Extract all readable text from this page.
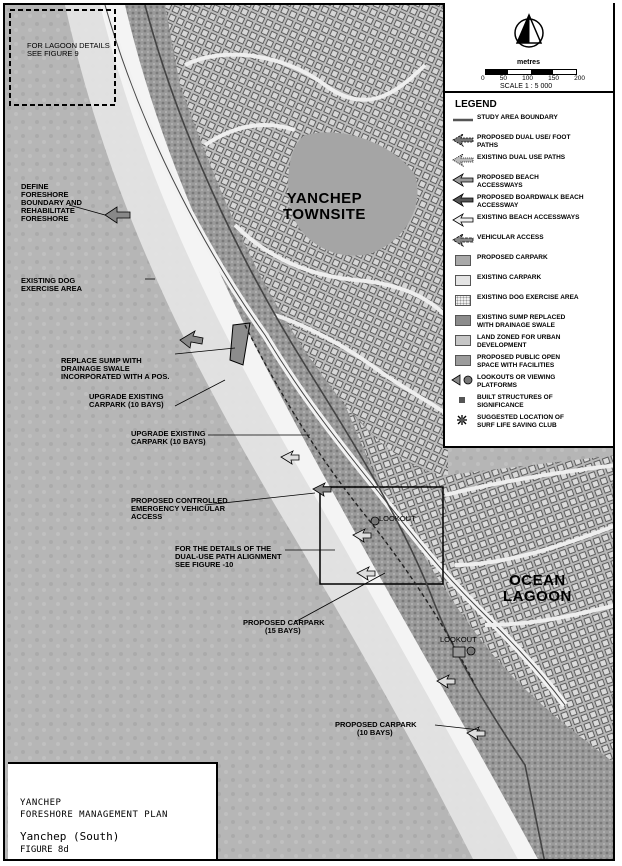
YANCHEP
TOWNSITE
OCEAN
LAGOON
FOR LAGOON DETAILS
SEE FIGURE 9
DEFINE
FORESHORE
BOUNDARY AND
REHABILITATE
FORESHORE
EXISTING DOG
EXERCISE AREA
REPLACE SUMP WITH
DRAINAGE SWALE
INCORPORATED WITH A POS.
UPGRADE EXISTING
CARPARK (10 BAYS)
UPGRADE EXISTING
CARPARK (10 BAYS)
PROPOSED CONTROLLED
EMERGENCY VEHICULAR
ACCESS
FOR THE DETAILS OF THE
DUAL-USE PATH ALIGNMENT
SEE FIGURE -10
PROPOSED CARPARK
(15 BAYS)
PROPOSED CARPARK
(10 BAYS)
LOOKOUT
LOOKOUT
YANCHEP
FORESHORE MANAGEMENT PLAN
Yanchep (South)
FIGURE 8d
metres
0 50 100 150 200
SCALE 1 : 5 000
LEGEND
STUDY AREA BOUNDARY
PROPOSED DUAL USE/ FOOT
PATHS
EXISTING DUAL USE PATHS
PROPOSED BEACH
ACCESSWAYS
PROPOSED BOARDWALK BEACH
ACCESSWAY
EXISTING BEACH ACCESSWAYS
VEHICULAR ACCESS
PROPOSED CARPARK
EXISTING CARPARK
EXISTING DOG EXERCISE AREA
EXISTING SUMP REPLACED
WITH DRAINAGE SWALE
LAND ZONED FOR URBAN
DEVELOPMENT
PROPOSED PUBLIC OPEN
SPACE WITH FACILITIES
LOOKOUTS OR VIEWING
PLATFORMS
BUILT STRUCTURES OF
SIGNIFICANCE
SUGGESTED LOCATION OF
SURF LIFE SAVING CLUB
